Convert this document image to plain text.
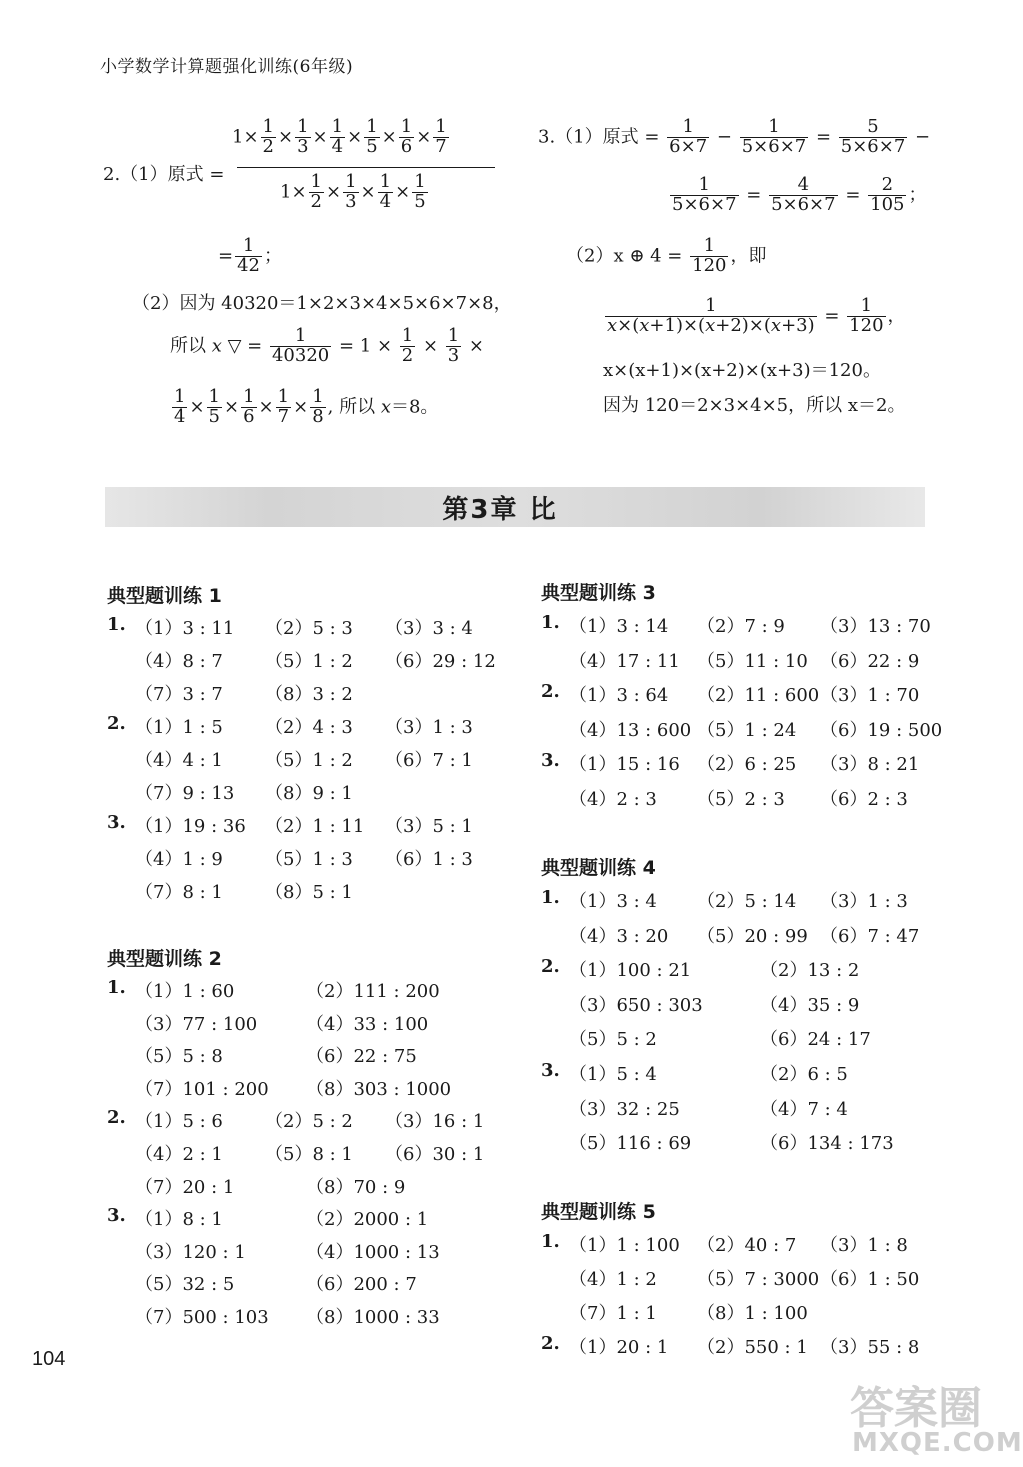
小学数学计算题强化训练(6年级)
2.（1）原式 =
$1\times \frac{1}{2} \times \frac{1}{3} \times \frac{1}{4} \times \frac{1}{5} \times \frac{1}{6} \times \frac{1}{7}$
$1\times \frac{1}{2} \times \frac{1}{3} \times \frac{1}{4} \times \frac{1}{5}$
= $\frac{1}{42}$ ；
（2）因为 40320＝1×2×3×4×5×6×7×8，
所以 x ▽ = $\frac{1}{40320} = 1 \times \frac{1}{2} \times \frac{1}{3}$ ×
$\frac{1}{4} \times \frac{1}{5} \times \frac{1}{6} \times \frac{1}{7} \times \frac{1}{8}$ , 所以 x＝8。
3.（1）原式 = $\frac{1}{6\times 7} - \frac{1}{5\times 6\times 7} = \frac{5}{5\times 6\times 7}$ −
$\frac{1}{5\times 6\times 7} = \frac{4}{5\times 6\times 7} = \frac{2}{105}$ ；
（2）x ⊕ $4 = \frac{1}{120}$ ，即
$\frac{1}{x\times(x+1)\times(x+2)\times(x+3)} = \frac{1}{120}$ ，
x×(x+1)×(x+2)×(x+3)＝120。
因为 120＝2×3×4×5，所以 x＝2。
第3章 比
典型题训练 1
1. （1）3 : 11 （2）5 : 3 （3）3 : 4
（4）8 : 7 （5）1 : 2 （6）29 : 12
（7）3 : 7 （8）3 : 2
2. （1）1 : 5 （2）4 : 3 （3）1 : 3
（4）4 : 1 （5）1 : 2 （6）7 : 1
（7）9 : 13 （8）9 : 1
3. （1）19 : 36 （2）1 : 11 （3）5 : 1
（4）1 : 9 （5）1 : 3 （6）1 : 3
（7）8 : 1 （8）5 : 1
典型题训练 2
1. （1）1 : 60	（2）111 : 200
（3）77 : 100	（4）33 : 100
（5）5 : 8	（6）22 : 75
（7）101 : 200 （8）303 : 1000
2. （1）5 : 6 （2）5 : 2 （3）16 : 1
（4）2 : 1 （5）8 : 1 （6）30 : 1
（7）20 : 1	（8）70 : 9
3. （1）8 : 1	（2）2000 : 1
（3）120 : 1	（4）1000 : 13
（5）32 : 5	（6）200 : 7
（7）500 : 103 （8）1000 : 33
典型题训练 3
1. （1）3 : 14 （2）7 : 9 （3）13 : 70
（4）17 : 11 （5）11 : 10 （6）22 : 9
2. （1）3 : 64 （2）11 : 600 （3）1 : 70
（4）13 : 600 （5）1 : 24 （6）19 : 500
3. （1）15 : 16 （2）6 : 25 （3）8 : 21
（4）2 : 3 （5）2 : 3 （6）2 : 3
典型题训练 4
1. （1）3 : 4 （2）5 : 14 （3）1 : 3
（4）3 : 20 （5）20 : 99 （6）7 : 47
2. （1）100 : 21	（2）13 : 2
（3）650 : 303	（4）35 : 9
（5）5 : 2	（6）24 : 17
3. （1）5 : 4	（2）6 : 5
（3）32 : 25	（4）7 : 4
（5）116 : 69	（6）134 : 173
典型题训练 5
1. （1）1 : 100 （2）40 : 7 （3）1 : 8
（4）1 : 2 （5）7 : 3000 （6）1 : 50
（7）1 : 1 （8）1 : 100
2. （1）20 : 1 （2）550 : 1 （3）55 : 8
104
答案圈
MXQE.COM
